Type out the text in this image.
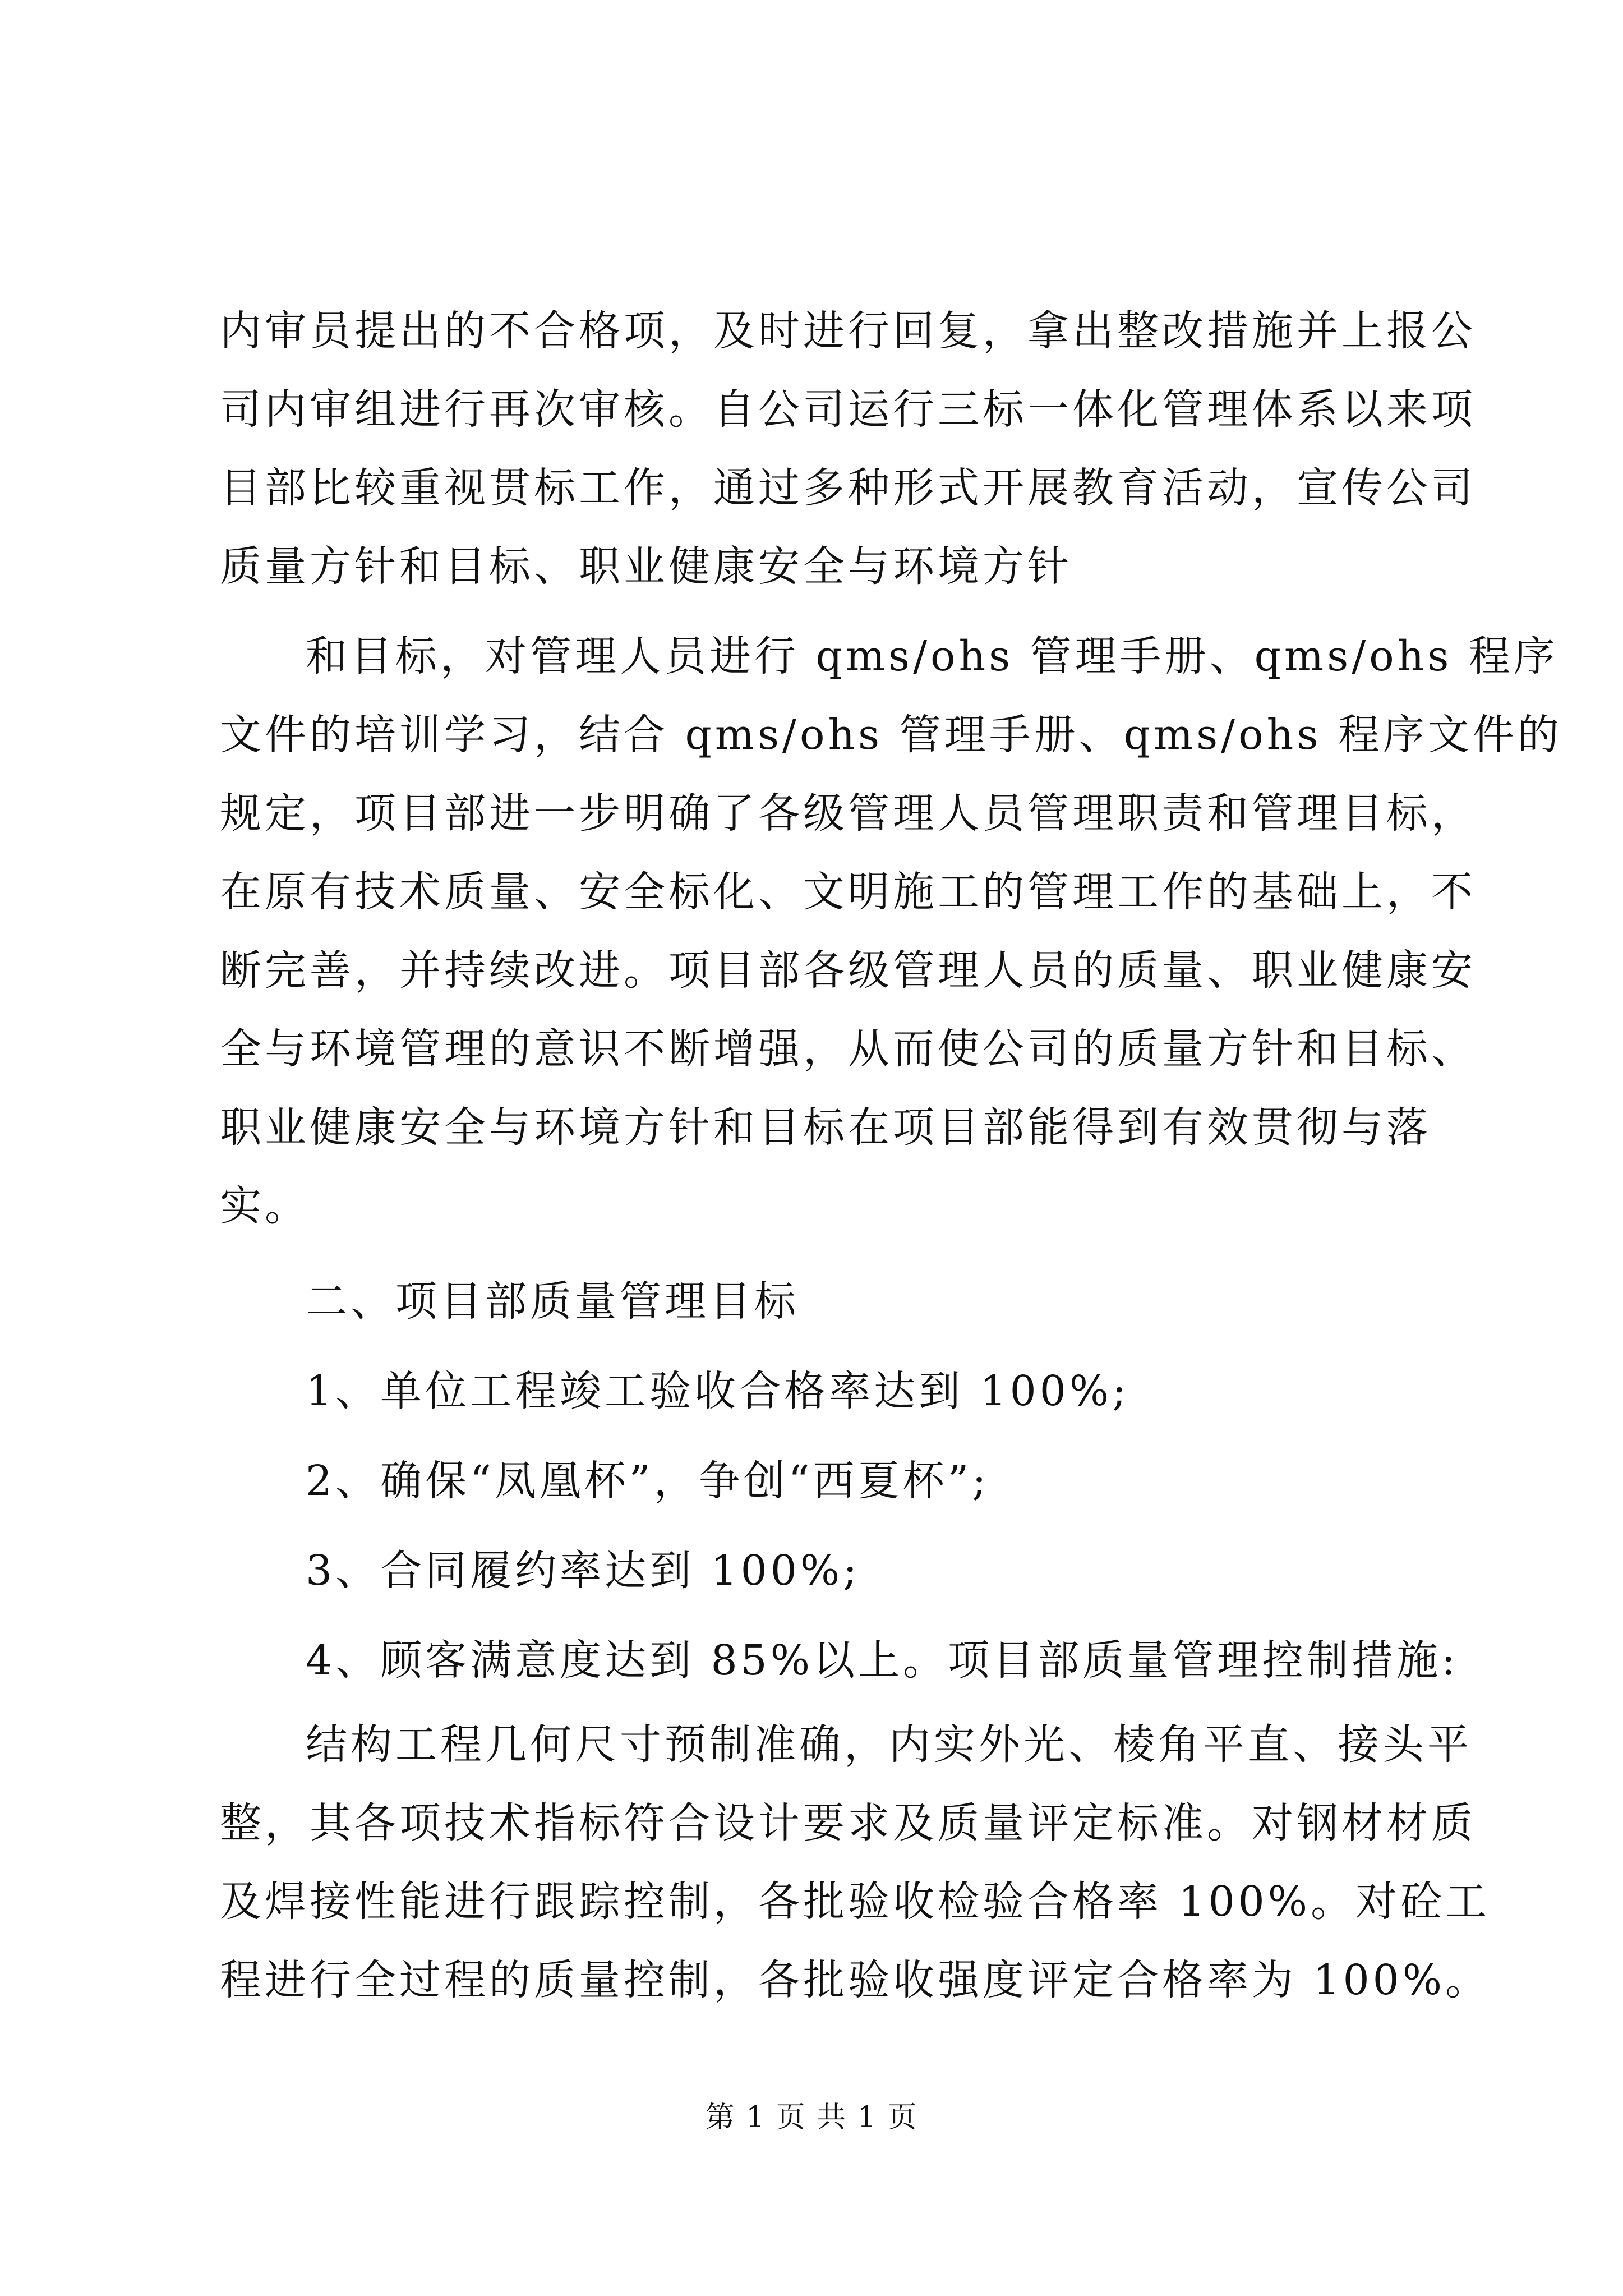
内审员提出的不合格项，及时进行回复，拿出整改措施并上报公
司内审组进行再次审核。自公司运行三标一体化管理体系以来项
目部比较重视贯标工作，通过多种形式开展教育活动，宣传公司
质量方针和目标、职业健康安全与环境方针
和目标，对管理人员进行 qms/ohs 管理手册、qms/ohs 程序
文件的培训学习，结合 qms/ohs 管理手册、qms/ohs 程序文件的
规定，项目部进一步明确了各级管理人员管理职责和管理目标，
在原有技术质量、安全标化、文明施工的管理工作的基础上，不
断完善，并持续改进。项目部各级管理人员的质量、职业健康安
全与环境管理的意识不断增强，从而使公司的质量方针和目标、
职业健康安全与环境方针和目标在项目部能得到有效贯彻与落
实。
二、项目部质量管理目标
1、单位工程竣工验收合格率达到 100%;
2、确保“凤凰杯”，争创“西夏杯”;
3、合同履约率达到 100%;
4、顾客满意度达到 85%以上。项目部质量管理控制措施:
结构工程几何尺寸预制准确，内实外光、棱角平直、接头平
整，其各项技术指标符合设计要求及质量评定标准。对钢材材质
及焊接性能进行跟踪控制，各批验收检验合格率 100%。对砼工
程进行全过程的质量控制，各批验收强度评定合格率为 100%。
第 1 页 共 1 页
